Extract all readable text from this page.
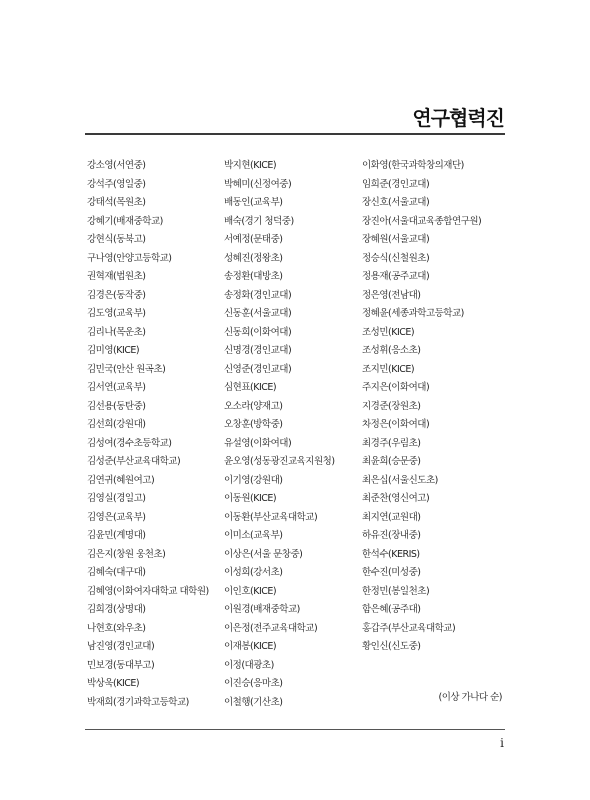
연구협력진
강소영(서연중)
강석주(영일중)
강태석(목원초)
강혜기(배재중학교)
강현식(동북고)
구나영(안양고등학교)
권혁재(법원초)
김경은(동작중)
김도영(교육부)
김리나(목운초)
김미영(KICE)
김민국(안산 원곡초)
김서연(교육부)
김선용(동탄중)
김선희(강원대)
김성여(경수초등학교)
김성준(부산교육대학교)
김연귀(혜원여고)
김영실(경일고)
김영은(교육부)
김윤민(계명대)
김은지(창원 웅천초)
김혜숙(대구대)
김혜영(이화여자대학교 대학원)
김희경(상명대)
나현호(와우초)
남진영(경인교대)
민보경(동대부고)
박상욱(KICE)
박재희(경기과학고등학교)
박지현(KICE)
박혜미(신정여중)
배동인(교육부)
배숙(경기 청덕중)
서예정(문태중)
성혜진(정왕초)
송정환(대방초)
송정화(경인교대)
신동훈(서울교대)
신동희(이화여대)
신명경(경인교대)
신영준(경인교대)
심현표(KICE)
오소라(양재고)
오창훈(방학중)
유설영(이화여대)
윤오영(성동광진교육지원청)
이기영(강원대)
이동원(KICE)
이동환(부산교육대학교)
이미소(교육부)
이상은(서울 문창중)
이성희(강서초)
이인호(KICE)
이원경(배재중학교)
이은정(전주교육대학교)
이재봉(KICE)
이정(대광초)
이진승(응마초)
이철행(기산초)
이화영(한국과학창의재단)
임희준(경인교대)
장신호(서울교대)
장진아(서울대교육종합연구원)
장혜원(서울교대)
정승식(신철원초)
정용재(공주교대)
정은영(전남대)
정혜윤(세종과학고등학교)
조성민(KICE)
조성휘(응소초)
조지민(KICE)
주지은(이화여대)
지경준(장원초)
차정은(이화여대)
최경주(우림초)
최윤희(승문중)
최은십(서울신도초)
최준찬(영신여고)
최지연(교원대)
하유진(장내중)
한석수(KERIS)
한수진(미성중)
한정민(봉일천초)
함은혜(공주대)
홍갑주(부산교육대학교)
황인신(신도중)
(이상 가나다 순)
i
